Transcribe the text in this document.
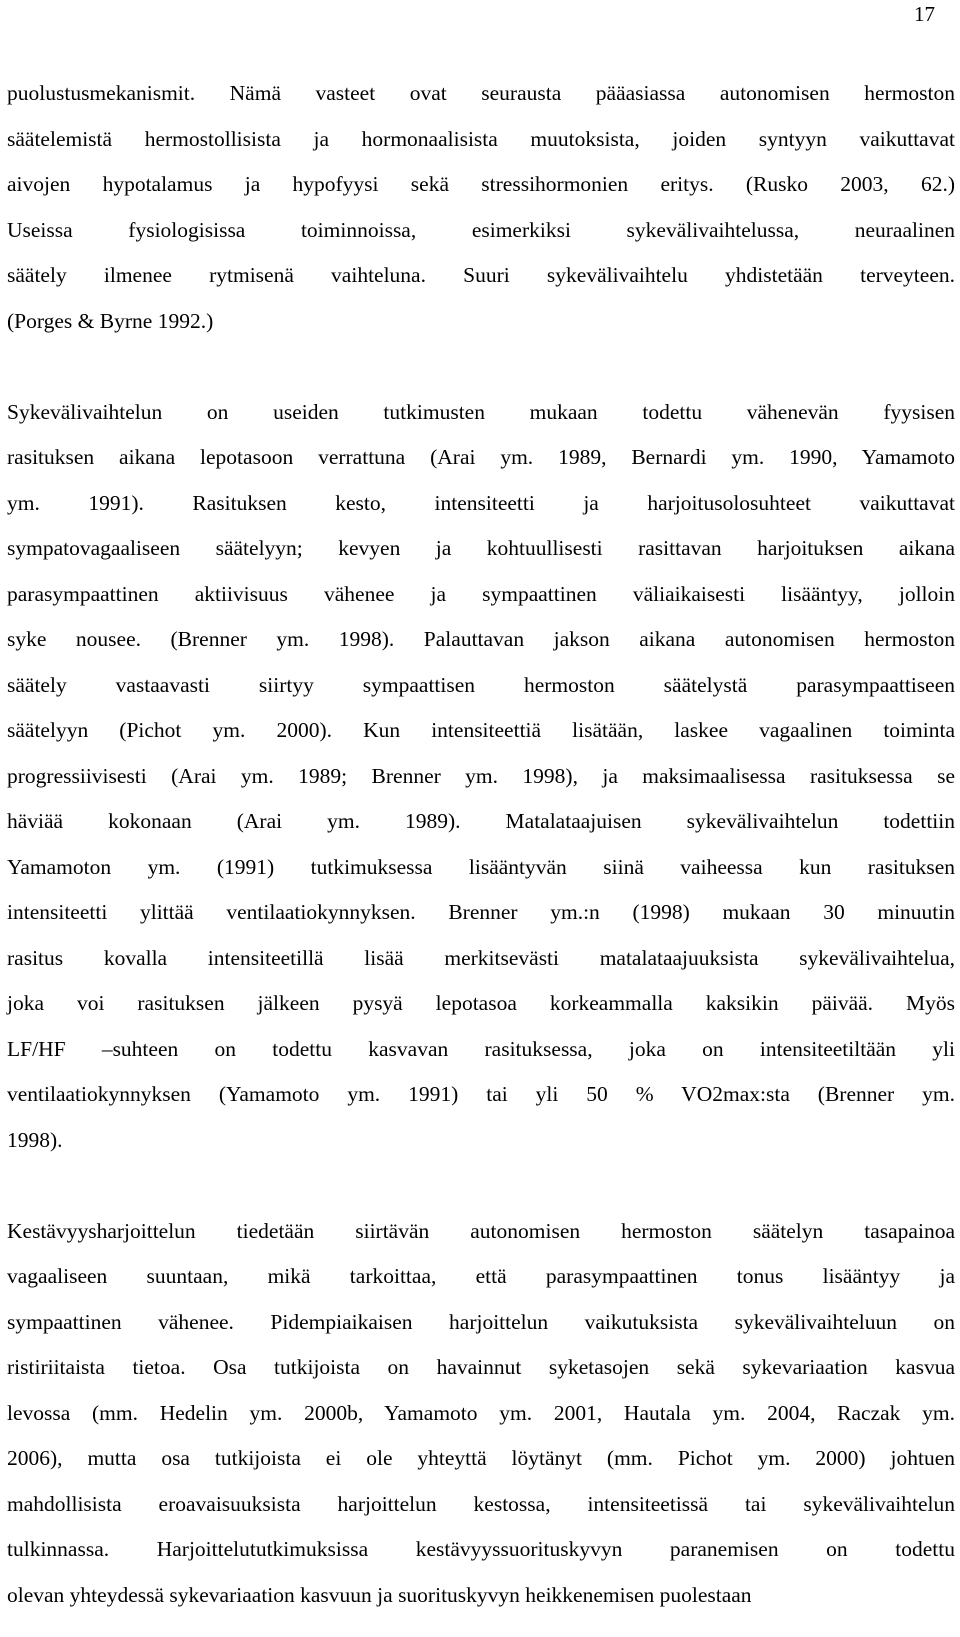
17
puolustusmekanismit. Nämä vasteet ovat seurausta pääasiassa autonomisen hermoston
säätelemistä hermostollisista ja hormonaalisista muutoksista, joiden syntyyn vaikuttavat
aivojen hypotalamus ja hypofyysi sekä stressihormonien eritys. (Rusko 2003, 62.)
Useissa fysiologisissa toiminnoissa, esimerkiksi sykevälivaihtelussa, neuraalinen
säätely ilmenee rytmisenä vaihteluna. Suuri sykevälivaihtelu yhdistetään terveyteen.
(Porges & Byrne 1992.)
Sykevälivaihtelun on useiden tutkimusten mukaan todettu vähenevän fyysisen
rasituksen aikana lepotasoon verrattuna (Arai ym. 1989, Bernardi ym. 1990, Yamamoto
ym. 1991). Rasituksen kesto, intensiteetti ja harjoitusolosuhteet vaikuttavat
sympatovagaaliseen säätelyyn; kevyen ja kohtuullisesti rasittavan harjoituksen aikana
parasympaattinen aktiivisuus vähenee ja sympaattinen väliaikaisesti lisääntyy, jolloin
syke nousee. (Brenner ym. 1998). Palauttavan jakson aikana autonomisen hermoston
säätely vastaavasti siirtyy sympaattisen hermoston säätelystä parasympaattiseen
säätelyyn (Pichot ym. 2000). Kun intensiteettiä lisätään, laskee vagaalinen toiminta
progressiivisesti (Arai ym. 1989; Brenner ym. 1998), ja maksimaalisessa rasituksessa se
häviää kokonaan (Arai ym. 1989). Matalataajuisen sykevälivaihtelun todettiin
Yamamoton ym. (1991) tutkimuksessa lisääntyvän siinä vaiheessa kun rasituksen
intensiteetti ylittää ventilaatiokynnyksen. Brenner ym.:n (1998) mukaan 30 minuutin
rasitus kovalla intensiteetillä lisää merkitsevästi matalataajuuksista sykevälivaihtelua,
joka voi rasituksen jälkeen pysyä lepotasoa korkeammalla kaksikin päivää. Myös
LF/HF –suhteen on todettu kasvavan rasituksessa, joka on intensiteetiltään yli
ventilaatiokynnyksen (Yamamoto ym. 1991) tai yli 50 % VO2max:sta (Brenner ym.
1998).
Kestävyysharjoittelun tiedetään siirtävän autonomisen hermoston säätelyn tasapainoa
vagaaliseen suuntaan, mikä tarkoittaa, että parasympaattinen tonus lisääntyy ja
sympaattinen vähenee. Pidempiaikaisen harjoittelun vaikutuksista sykevälivaihteluun on
ristiriitaista tietoa. Osa tutkijoista on havainnut syketasojen sekä sykevariaation kasvua
levossa (mm. Hedelin ym. 2000b, Yamamoto ym. 2001, Hautala ym. 2004, Raczak ym.
2006), mutta osa tutkijoista ei ole yhteyttä löytänyt (mm. Pichot ym. 2000) johtuen
mahdollisista eroavaisuuksista harjoittelun kestossa, intensiteetissä tai sykevälivaihtelun
tulkinnassa. Harjoittelututkimuksissa kestävyyssuorituskyvyn paranemisen on todettu
olevan yhteydessä sykevariaation kasvuun ja suorituskyvyn heikkenemisen puolestaan
